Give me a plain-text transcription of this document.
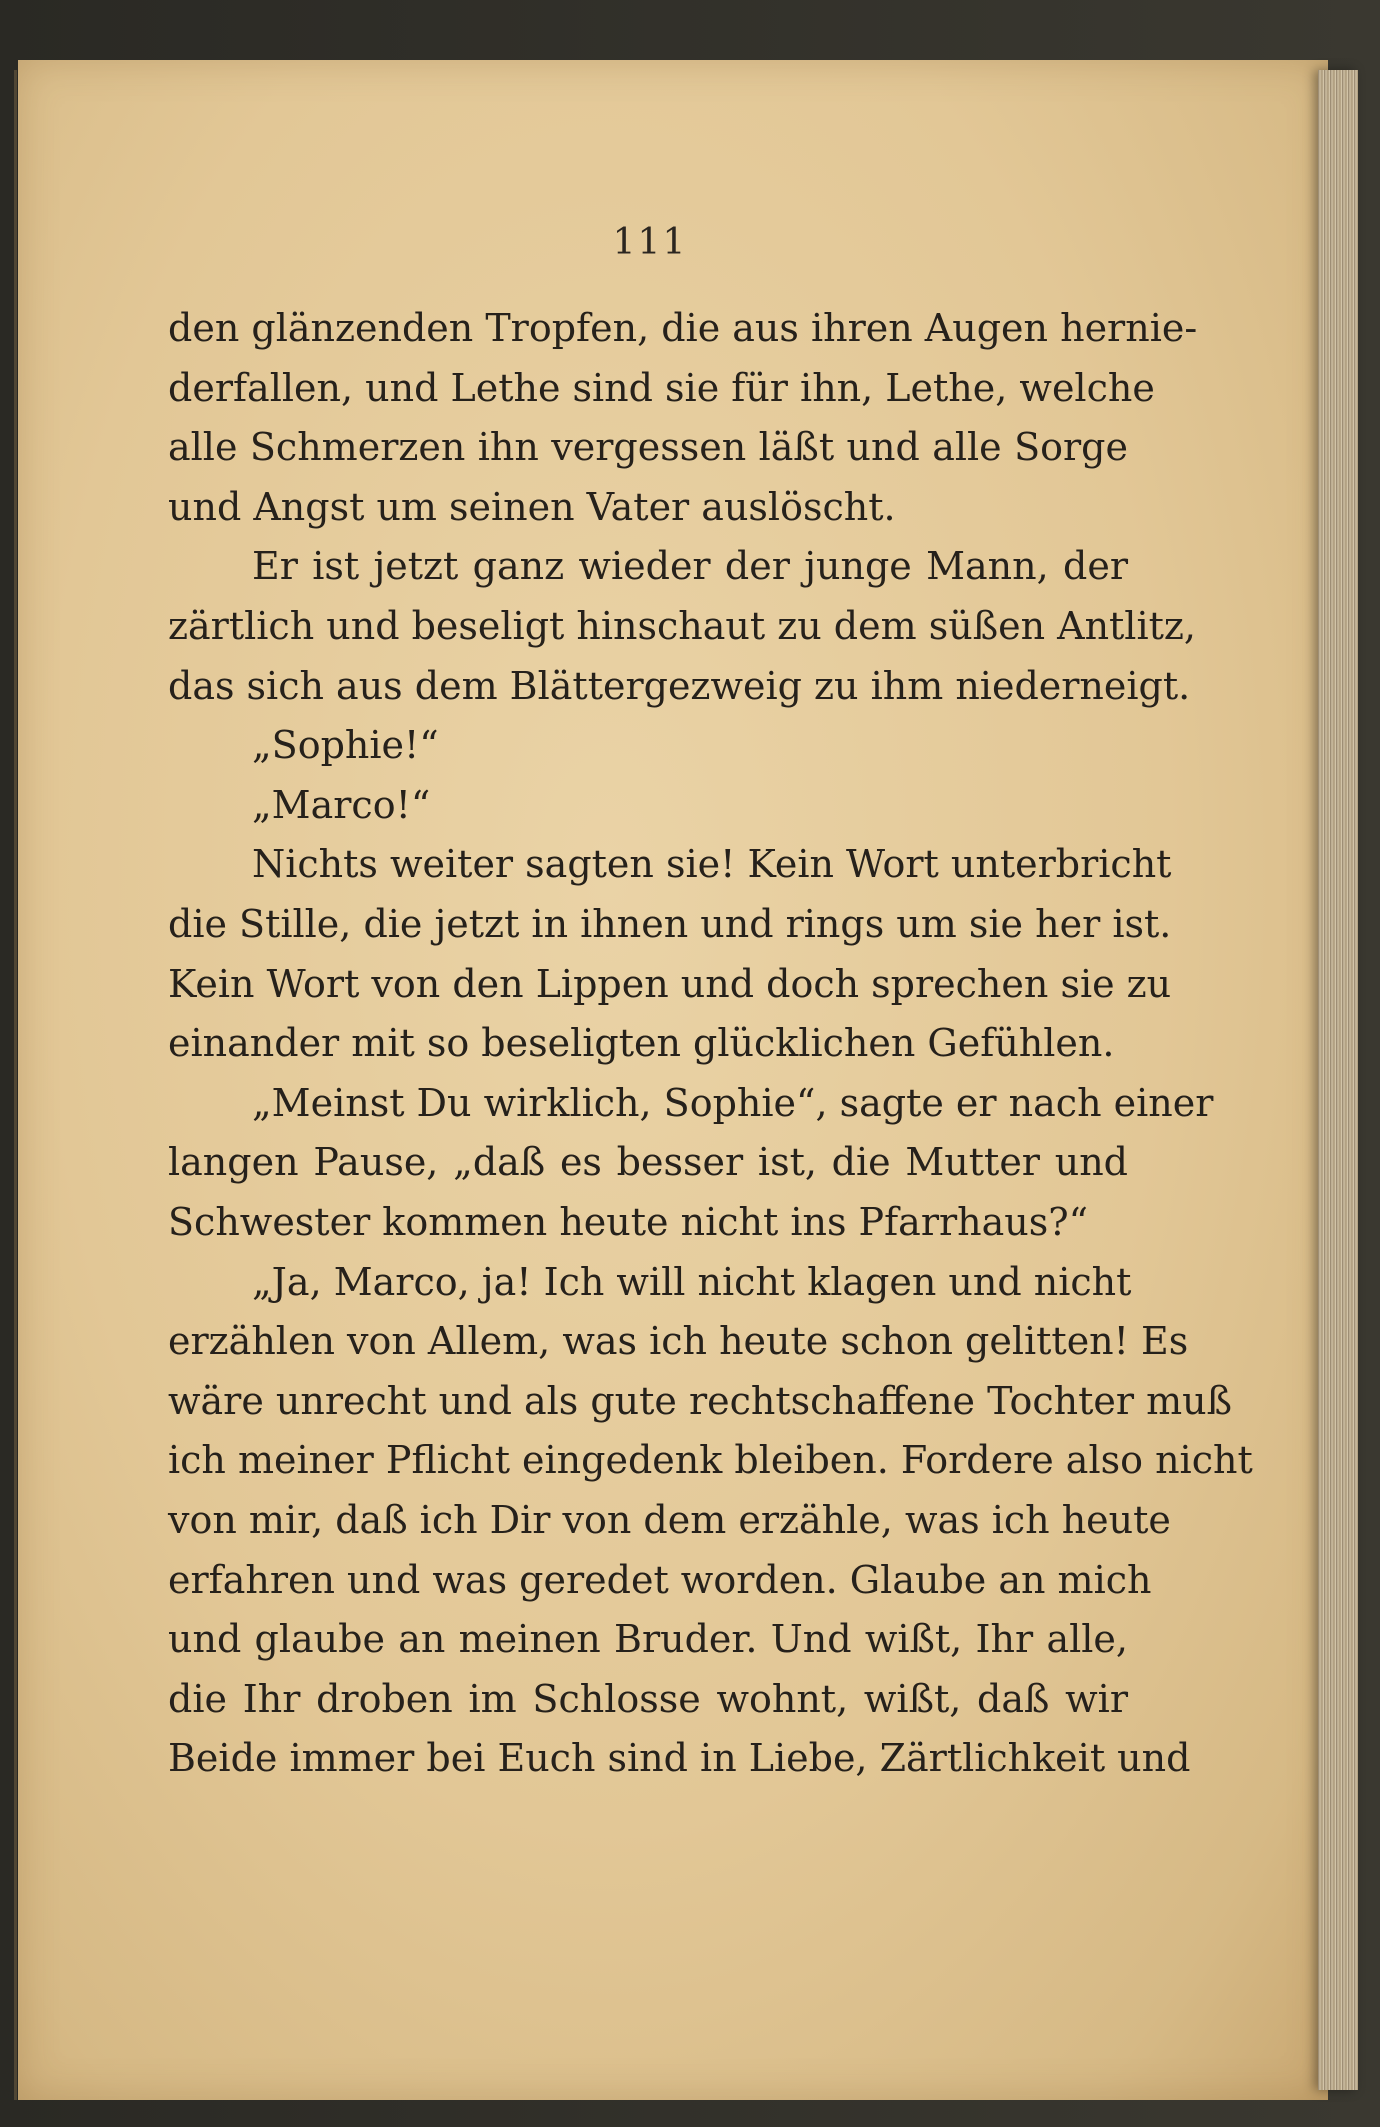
111
den glänzenden Tropfen, die aus ihren Augen hernie-
derfallen, und Lethe sind sie für ihn, Lethe, welche
alle Schmerzen ihn vergessen läßt und alle Sorge
und Angst um seinen Vater auslöscht.
Er ist jetzt ganz wieder der junge Mann, der
zärtlich und beseligt hinschaut zu dem süßen Antlitz,
das sich aus dem Blättergezweig zu ihm niederneigt.
„Sophie!“
„Marco!“
Nichts weiter sagten sie! Kein Wort unterbricht
die Stille, die jetzt in ihnen und rings um sie her ist.
Kein Wort von den Lippen und doch sprechen sie zu
einander mit so beseligten glücklichen Gefühlen.
„Meinst Du wirklich, Sophie“, sagte er nach einer
langen Pause, „daß es besser ist, die Mutter und
Schwester kommen heute nicht ins Pfarrhaus?“
„Ja, Marco, ja! Ich will nicht klagen und nicht
erzählen von Allem, was ich heute schon gelitten! Es
wäre unrecht und als gute rechtschaffene Tochter muß
ich meiner Pflicht eingedenk bleiben. Fordere also nicht
von mir, daß ich Dir von dem erzähle, was ich heute
erfahren und was geredet worden. Glaube an mich
und glaube an meinen Bruder. Und wißt, Ihr alle,
die Ihr droben im Schlosse wohnt, wißt, daß wir
Beide immer bei Euch sind in Liebe, Zärtlichkeit und
